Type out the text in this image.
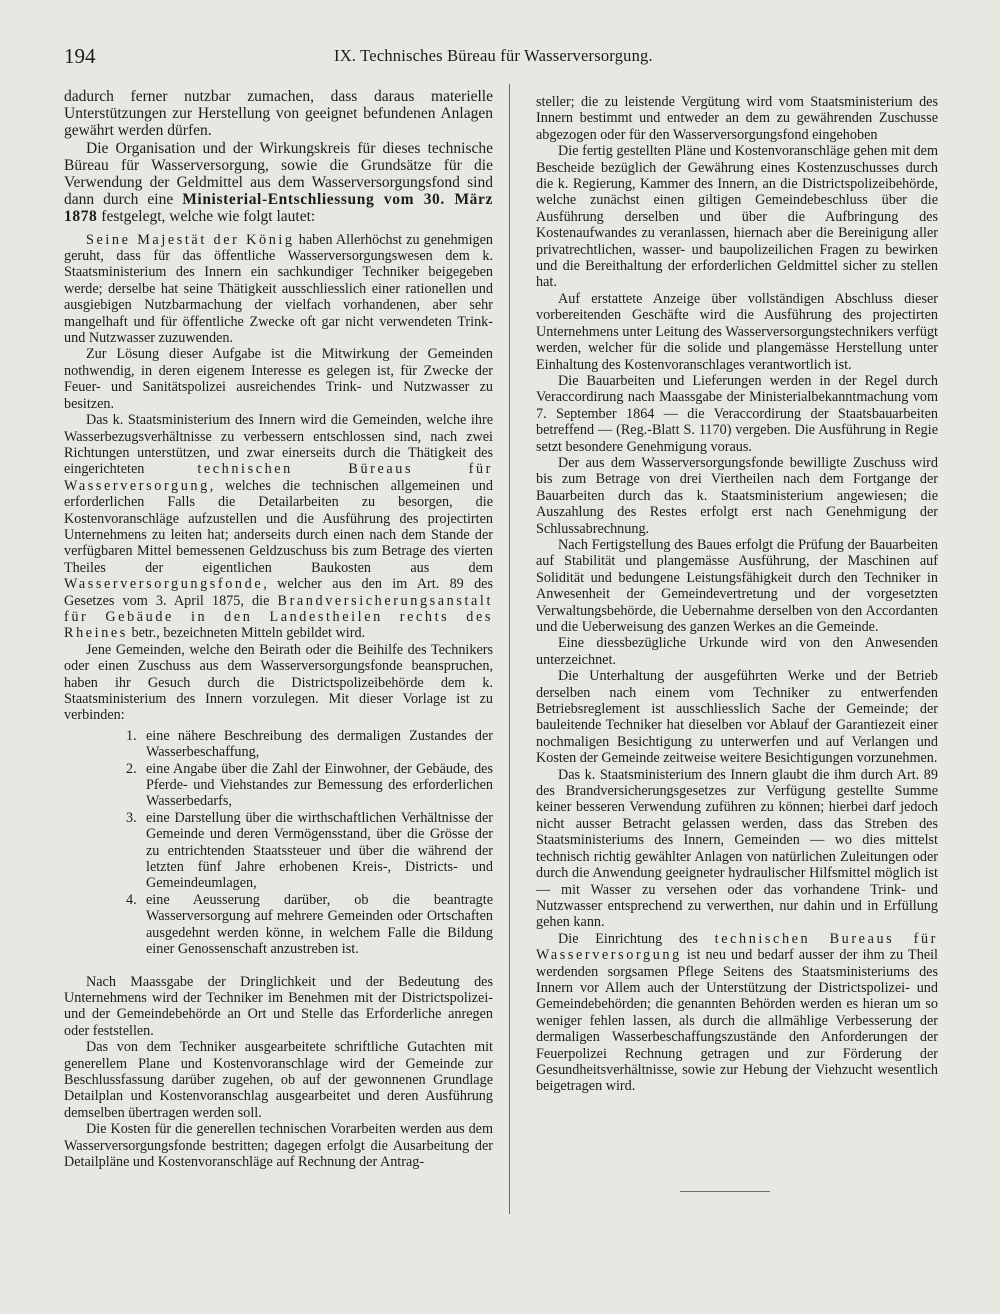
194	IX. Technisches Büreau für Wasserversorgung.

dadurch ferner nutzbar zumachen, dass daraus materielle Unterstützungen zur Herstellung von geeignet befundenen Anlagen gewährt werden dürfen.

Die Organisation und der Wirkungskreis für dieses technische Büreau für Wasserversorgung, sowie die Grundsätze für die Verwendung der Geldmittel aus dem Wasserversorgungsfond sind dann durch eine Ministerial-Entschliessung vom 30. März 1878 festgelegt, welche wie folgt lautet:

Seine Majestät der König haben Allerhöchst zu genehmigen geruht, dass für das öffentliche Wasserversorgungswesen dem k. Staatsministerium des Innern ein sachkundiger Techniker beigegeben werde; derselbe hat seine Thätigkeit ausschliesslich einer rationellen und ausgiebigen Nutzbarmachung der vielfach vorhandenen, aber sehr mangelhaft und für öffentliche Zwecke oft gar nicht verwendeten Trink- und Nutzwasser zuzuwenden.

Zur Lösung dieser Aufgabe ist die Mitwirkung der Gemeinden nothwendig, in deren eigenem Interesse es gelegen ist, für Zwecke der Feuer- und Sanitätspolizei ausreichendes Trink- und Nutzwasser zu besitzen.

Das k. Staatsministerium des Innern wird die Gemeinden, welche ihre Wasserbezugsverhältnisse zu verbessern entschlossen sind, nach zwei Richtungen unterstützen, und zwar einerseits durch die Thätigkeit des eingerichteten	technischen Büreaus für Wasserversorgung, welches die technischen allgemeinen und erforderlichen Falls die Detailarbeiten zu besorgen, die Kostenvoranschläge aufzustellen und die Ausführung des projectirten Unternehmens zu leiten hat; anderseits durch einen nach dem Stande der verfügbaren Mittel bemessenen Geldzuschuss bis zum Betrage des vierten Theiles der eigentlichen Baukosten aus dem Wasserversorgungsfonde, welcher aus den im Art. 89 des Gesetzes vom 3. April 1875, die Brandversicherungsanstalt für Gebäude in den Landestheilen rechts des Rheines betr., bezeichneten Mitteln gebildet wird.

Jene Gemeinden, welche den Beirath oder die Beihilfe des Technikers oder einen Zuschuss aus dem Wasserversorgungsfonde beanspruchen, haben ihr Gesuch durch die Districtspolizeibehörde dem k. Staatsministerium des Innern vorzulegen. Mit dieser Vorlage ist zu verbinden:

1. eine nähere Beschreibung des dermaligen Zustandes der Wasserbeschaffung,
2. eine Angabe über die Zahl der Einwohner, der Gebäude, des Pferde- und Viehstandes zur Bemessung des erforderlichen Wasserbedarfs,
3. eine Darstellung über die wirthschaftlichen Verhältnisse der Gemeinde und deren Vermögensstand, über die Grösse der zu entrichtenden Staatssteuer und über die während der letzten fünf Jahre erhobenen Kreis-, Districts- und Gemeindeumlagen,
4. eine Aeusserung darüber, ob die beantragte Wasserversorgung auf mehrere Gemeinden oder Ortschaften ausgedehnt werden könne, in welchem Falle die Bildung einer Genossenschaft anzustreben ist.

Nach Maassgabe der Dringlichkeit und der Bedeutung des Unternehmens wird der Techniker im Benehmen mit der Districtspolizei- und der Gemeindebehörde an Ort und Stelle das Erforderliche anregen oder feststellen.

Das von dem Techniker ausgearbeitete schriftliche Gutachten mit generellem Plane und Kostenvoranschlage wird der Gemeinde zur Beschlussfassung darüber zugehen, ob auf der gewonnenen Grundlage Detailplan und Kostenvoranschlag ausgearbeitet und deren Ausführung demselben übertragen werden soll.

Die Kosten für die generellen technischen Vorarbeiten werden aus dem Wasserversorgungsfonde bestritten; dagegen erfolgt die Ausarbeitung der Detailpläne und Kostenvoranschläge auf Rechnung der Antrag-

steller; die zu leistende Vergütung wird vom Staatsministerium des Innern bestimmt und entweder an dem zu gewährenden Zuschusse abgezogen oder für den Wasserversorgungsfond eingehoben

Die fertig gestellten Pläne und Kostenvoranschläge gehen mit dem Bescheide bezüglich der Gewährung eines Kostenzuschusses durch die k. Regierung, Kammer des Innern, an die Districtspolizeibehörde, welche zunächst einen giltigen Gemeindebeschluss über die Ausführung derselben und über die Aufbringung des Kostenaufwandes zu veranlassen, hiernach aber die Bereinigung aller privatrechtlichen, wasser- und baupolizeilichen Fragen zu bewirken und die Bereithaltung der erforderlichen Geldmittel sicher zu stellen hat.

Auf erstattete Anzeige über vollständigen Abschluss dieser vorbereitenden Geschäfte wird die Ausführung des projectirten Unternehmens unter Leitung des Wasserversorgungstechnikers verfügt werden, welcher für die solide und plangemässe Herstellung unter Einhaltung des Kostenvoranschlages verantwortlich ist.

Die Bauarbeiten und Lieferungen werden in der Regel durch Veraccordirung nach Maassgabe der Ministerialbekanntmachung vom 7. September 1864 — die Veraccordirung der Staatsbauarbeiten betreffend — (Reg.-Blatt S. 1170) vergeben. Die Ausführung in Regie setzt besondere Genehmigung voraus.

Der aus dem Wasserversorgungsfonde bewilligte Zuschuss wird bis zum Betrage von drei Viertheilen nach dem Fortgange der Bauarbeiten durch das k. Staatsministerium angewiesen; die Auszahlung des Restes erfolgt erst nach Genehmigung der Schlussabrechnung.

Nach Fertigstellung des Baues erfolgt die Prüfung der Bauarbeiten auf Stabilität und plangemässe Ausführung, der Maschinen auf Solidität und bedungene Leistungsfähigkeit durch den Techniker in Anwesenheit der Gemeindevertretung und der vorgesetzten Verwaltungsbehörde, die Uebernahme derselben von den Accordanten und die Ueberweisung des ganzen Werkes an die Gemeinde.

Eine diessbezügliche Urkunde wird von den Anwesenden unterzeichnet.

Die Unterhaltung der ausgeführten Werke und der Betrieb derselben nach einem vom Techniker zu entwerfenden Betriebsreglement ist ausschliesslich Sache der Gemeinde; der bauleitende Techniker hat dieselben vor Ablauf der Garantiezeit einer nochmaligen Besichtigung zu unterwerfen und auf Verlangen und Kosten der Gemeinde zeitweise weitere Besichtigungen vorzunehmen.

Das k. Staatsministerium des Innern glaubt die ihm durch Art. 89 des Brandversicherungsgesetzes zur Verfügung gestellte Summe keiner besseren Verwendung zuführen zu können; hierbei darf jedoch nicht ausser Betracht gelassen werden, dass das Streben des Staatsministeriums des Innern, Gemeinden — wo dies mittelst technisch richtig gewählter Anlagen von natürlichen Zuleitungen oder durch die Anwendung geeigneter hydraulischer Hilfsmittel möglich ist — mit Wasser zu versehen oder das vorhandene Trink- und Nutzwasser entsprechend zu verwerthen, nur dahin und in Erfüllung gehen kann.

Die Einrichtung des technischen Bureaus für Wasserversorgung ist neu und bedarf ausser der ihm zu Theil werdenden sorgsamen Pflege Seitens des Staatsministeriums des Innern vor Allem auch der Unterstützung der Districtspolizei- und Gemeindebehörden; die genannten Behörden werden es hieran um so weniger fehlen lassen, als durch die allmählige Verbesserung der dermaligen Wasserbeschaffungszustände den Anforderungen der Feuerpolizei Rechnung getragen und zur Förderung der Gesundheitsverhältnisse, sowie zur Hebung der Viehzucht wesentlich beigetragen wird.
